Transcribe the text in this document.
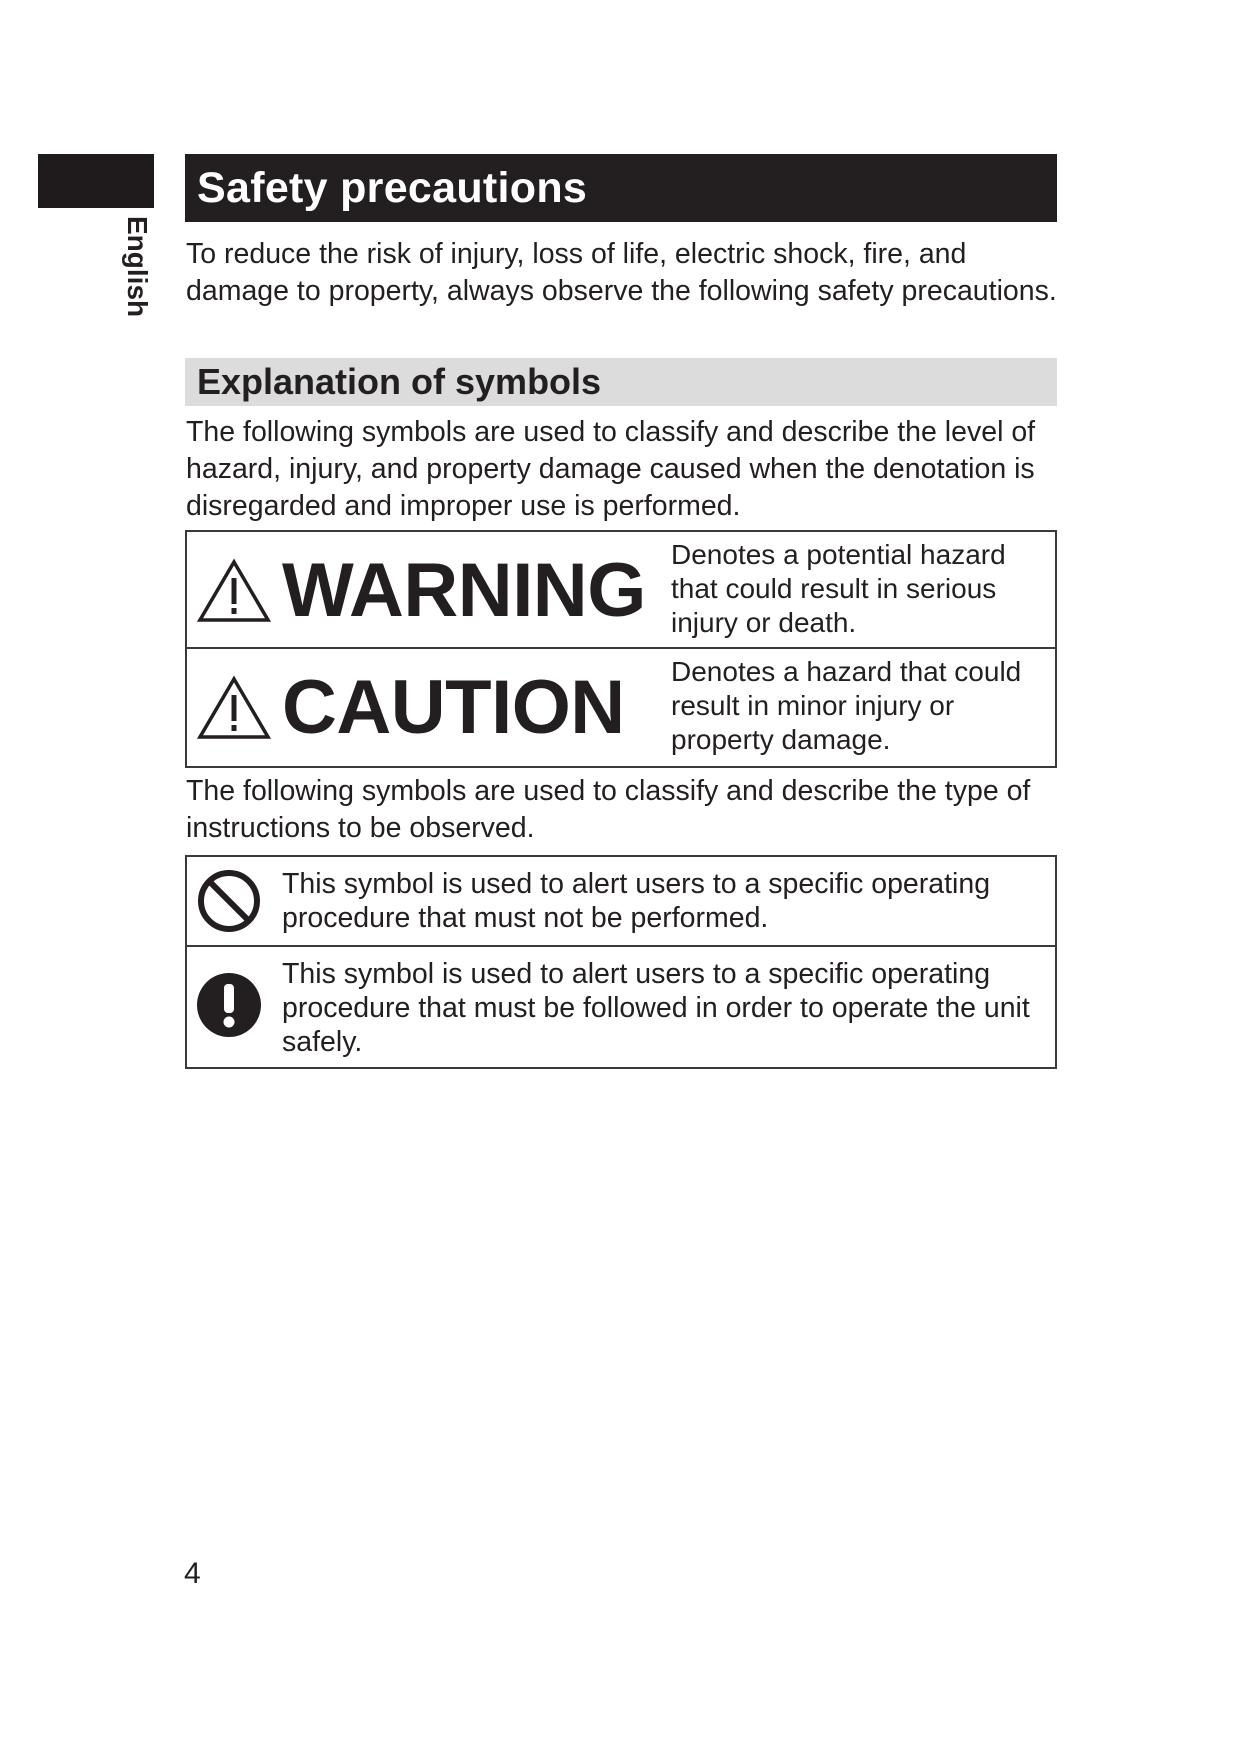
English
Safety precautions

To reduce the risk of injury, loss of life, electric shock, fire, and damage to property, always observe the following safety precautions.

Explanation of symbols

The following symbols are used to classify and describe the level of hazard, injury, and property damage caused when the denotation is disregarded and improper use is performed.

WARNING Denotes a potential hazard that could result in serious injury or death.

CAUTION Denotes a hazard that could result in minor injury or property damage.

The following symbols are used to classify and describe the type of instructions to be observed.

This symbol is used to alert users to a specific operating procedure that must not be performed.

This symbol is used to alert users to a specific operating procedure that must be followed in order to operate the unit safely.

4
